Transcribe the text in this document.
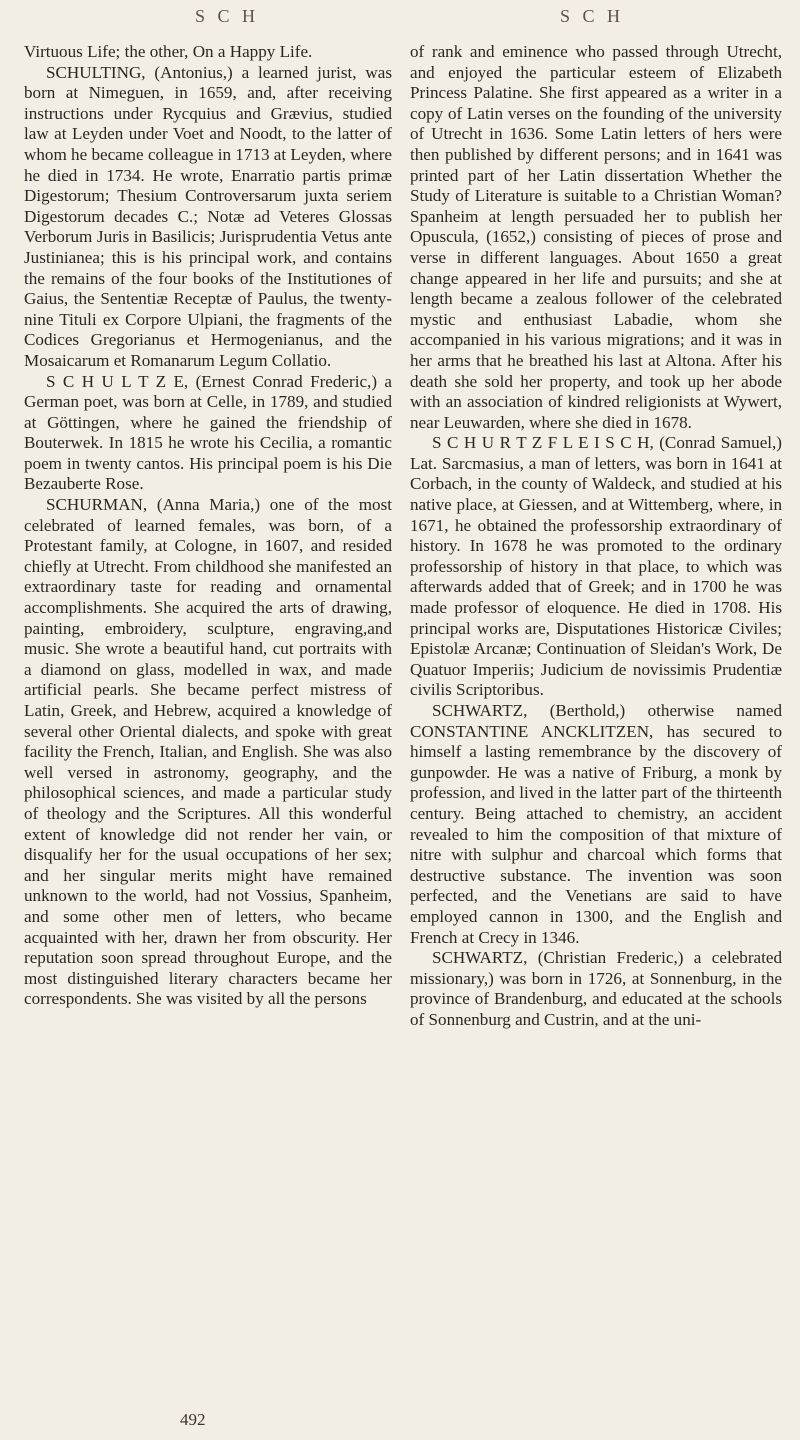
S C H	S C H

Virtuous Life; the other, On a Happy Life.

SCHULTING, (Antonius,) a learned jurist, was born at Nimeguen, in 1659, and, after receiving instructions under Rycquius and Grævius, studied law at Leyden under Voet and Noodt, to the latter of whom he became colleague in 1713 at Leyden, where he died in 1734. He wrote, Enarratio partis primæ Digestorum; Thesium Controversarum juxta seriem Digestorum decades C.; Notæ ad Veteres Glossas Verborum Juris in Basilicis; Jurisprudentia Vetus ante Justinianea; this is his principal work, and contains the remains of the four books of the Institutiones of Gaius, the Sententiæ Receptæ of Paulus, the twenty-nine Tituli ex Corpore Ulpiani, the fragments of the Codices Gregorianus et Hermogenianus, and the Mosaicarum et Romanarum Legum Collatio.

S C H U L T Z E, (Ernest Conrad Frederic,) a German poet, was born at Celle, in 1789, and studied at Göttingen, where he gained the friendship of Bouterwek. In 1815 he wrote his Cecilia, a romantic poem in twenty cantos. His principal poem is his Die Bezauberte Rose.

SCHURMAN, (Anna Maria,) one of the most celebrated of learned females, was born, of a Protestant family, at Cologne, in 1607, and resided chiefly at Utrecht. From childhood she manifested an extraordinary taste for reading and ornamental accomplishments. She acquired the arts of drawing, painting, embroidery, sculpture, engraving,and music. She wrote a beautiful hand, cut portraits with a diamond on glass, modelled in wax, and made artificial pearls. She became perfect mistress of Latin, Greek, and Hebrew, acquired a knowledge of several other Oriental dialects, and spoke with great facility the French, Italian, and English. She was also well versed in astronomy, geography, and the philosophical sciences, and made a particular study of theology and the Scriptures. All this wonderful extent of knowledge did not render her vain, or disqualify her for the usual occupations of her sex; and her singular merits might have remained unknown to the world, had not Vossius, Spanheim, and some other men of letters, who became acquainted with her, drawn her from obscurity. Her reputation soon spread throughout Europe, and the most distinguished literary characters became her correspondents. She was visited by all the persons

of rank and eminence who passed through Utrecht, and enjoyed the particular esteem of Elizabeth Princess Palatine. She first appeared as a writer in a copy of Latin verses on the founding of the university of Utrecht in 1636. Some Latin letters of hers were then published by different persons; and in 1641 was printed part of her Latin dissertation Whether the Study of Literature is suitable to a Christian Woman? Spanheim at length persuaded her to publish her Opuscula, (1652,) consisting of pieces of prose and verse in different languages. About 1650 a great change appeared in her life and pursuits; and she at length became a zealous follower of the celebrated mystic and enthusiast Labadie, whom she accompanied in his various migrations; and it was in her arms that he breathed his last at Altona. After his death she sold her property, and took up her abode with an association of kindred religionists at Wywert, near Leuwarden, where she died in 1678.

S C H U R T Z F L E I S C H, (Conrad Samuel,) Lat. Sarcmasius, a man of letters, was born in 1641 at Corbach, in the county of Waldeck, and studied at his native place, at Giessen, and at Wittemberg, where, in 1671, he obtained the professorship extraordinary of history. In 1678 he was promoted to the ordinary professorship of history in that place, to which was afterwards added that of Greek; and in 1700 he was made professor of eloquence. He died in 1708. His principal works are, Disputationes Historicæ Civiles; Epistolæ Arcanæ; Continuation of Sleidan's Work, De Quatuor Imperiis; Judicium de novissimis Prudentiæ civilis Scriptoribus.

SCHWARTZ, (Berthold,) otherwise named CONSTANTINE ANCKLITZEN, has secured to himself a lasting remembrance by the discovery of gunpowder. He was a native of Friburg, a monk by profession, and lived in the latter part of the thirteenth century. Being attached to chemistry, an accident revealed to him the composition of that mixture of nitre with sulphur and charcoal which forms that destructive substance. The invention was soon perfected, and the Venetians are said to have employed cannon in 1300, and the English and French at Crecy in 1346.

SCHWARTZ, (Christian Frederic,) a celebrated missionary,) was born in 1726, at Sonnenburg, in the province of Brandenburg, and educated at the schools of Sonnenburg and Custrin, and at the uni-

492
